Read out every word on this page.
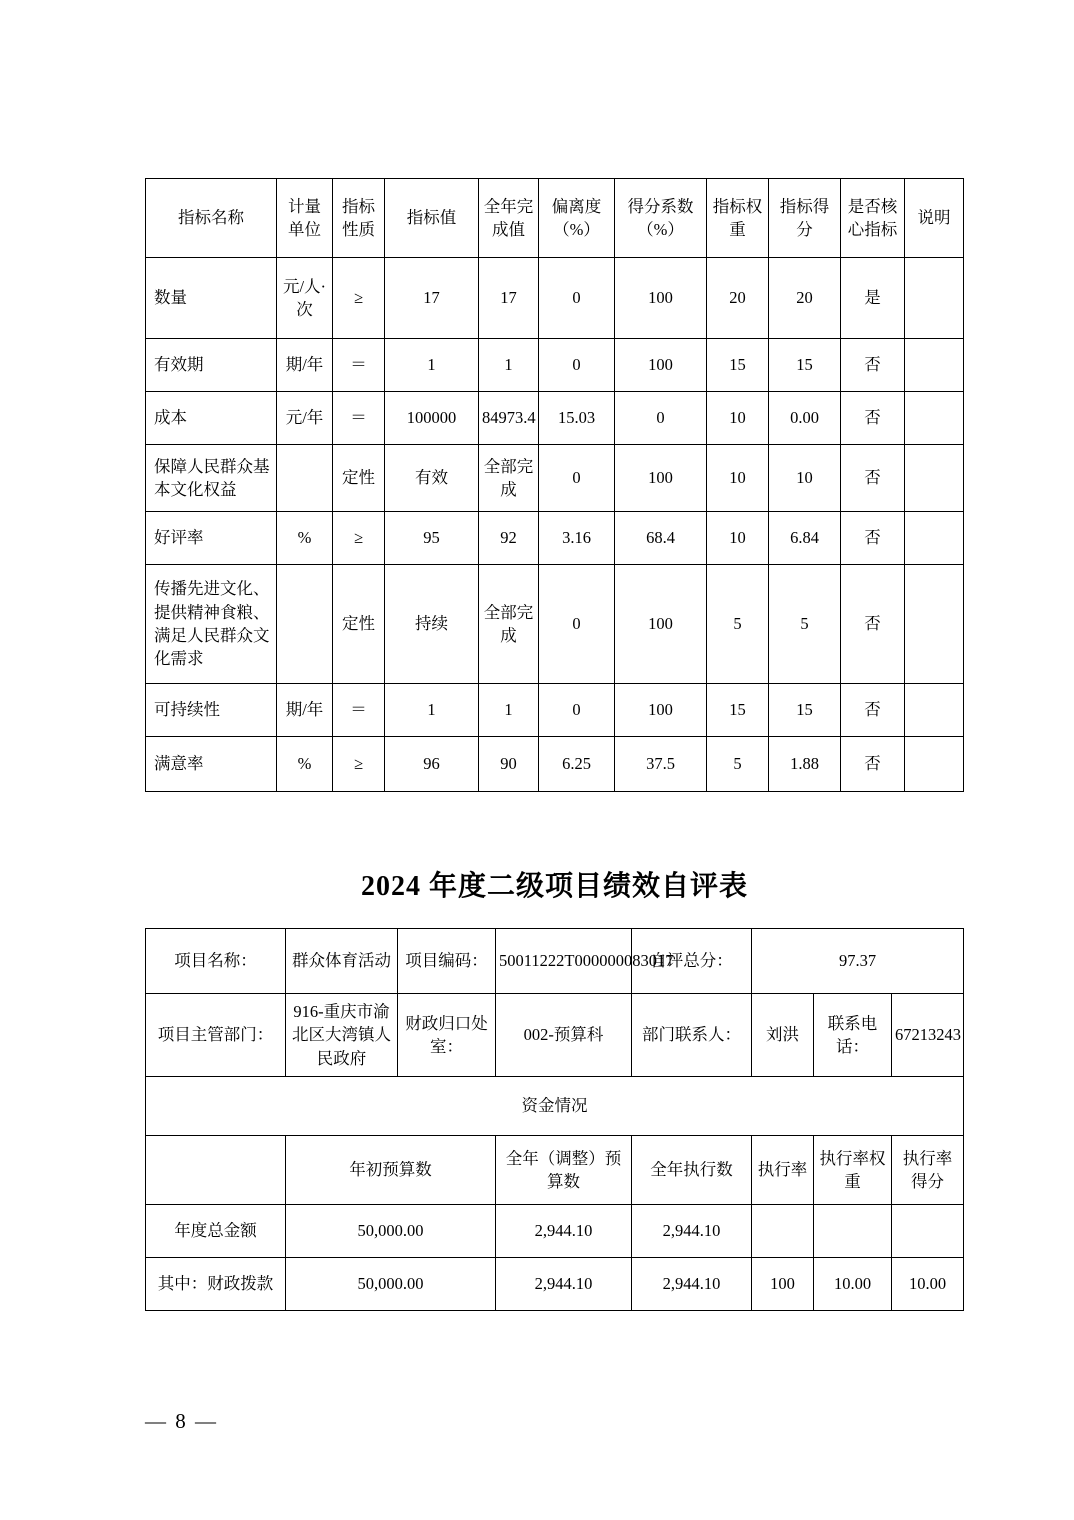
指标名称	计量单位	指标性质	指标值	全年完成值	偏离度（%）	得分系数（%）	指标权重	指标得分	是否核心指标	说明
数量	元/人·次	≥	17	17	0	100	20	20	是	
有效期	期/年	＝	1	1	0	100	15	15	否	
成本	元/年	＝	100000	84973.4	15.03	0	10	0.00	否	
保障人民群众基本文化权益		定性	有效	全部完成	0	100	10	10	否	
好评率	%	≥	95	92	3.16	68.4	10	6.84	否	
传播先进文化、提供精神食粮、满足人民群众文化需求		定性	持续	全部完成	0	100	5	5	否	
可持续性	期/年	＝	1	1	0	100	15	15	否	
满意率	%	≥	96	90	6.25	37.5	5	1.88	否	
2024 年度二级项目绩效自评表
项目名称：	群众体育活动	项目编码：	50011222T000000083017	自评总分：	97.37		
项目主管部门：	916-重庆市渝北区大湾镇人民政府	财政归口处室：	002-预算科	部门联系人：	刘洪	联系电话：	67213243
资金情况							
	年初预算数		全年（调整）预算数	全年执行数	执行率	执行率权重	执行率得分
年度总金额	50,000.00		2,944.10	2,944.10			
其中：财政拨款	50,000.00		2,944.10	2,944.10	100	10.00	10.00
— 8 —
